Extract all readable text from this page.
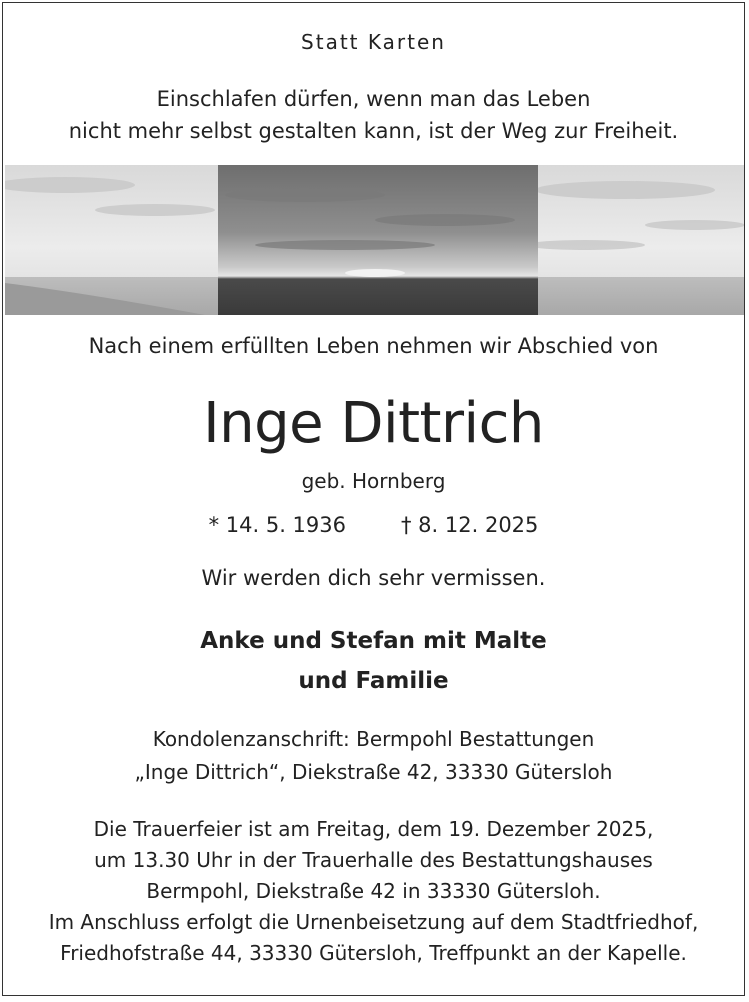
Statt Karten
Einschlafen dürfen, wenn man das Leben
nicht mehr selbst gestalten kann, ist der Weg zur Freiheit.
Nach einem erfüllten Leben nehmen wir Abschied von
Inge Dittrich
geb. Hornberg
* 14. 5. 1936	† 8. 12. 2025
Wir werden dich sehr vermissen.
Anke und Stefan mit Malte
und Familie
Kondolenzanschrift: Bermpohl Bestattungen
„Inge Dittrich“, Diekstraße 42, 33330 Gütersloh
Die Trauerfeier ist am Freitag, dem 19. Dezember 2025,
um 13.30 Uhr in der Trauerhalle des Bestattungshauses
Bermpohl, Diekstraße 42 in 33330 Gütersloh.
Im Anschluss erfolgt die Urnenbeisetzung auf dem Stadtfriedhof,
Friedhofstraße 44, 33330 Gütersloh, Treffpunkt an der Kapelle.
